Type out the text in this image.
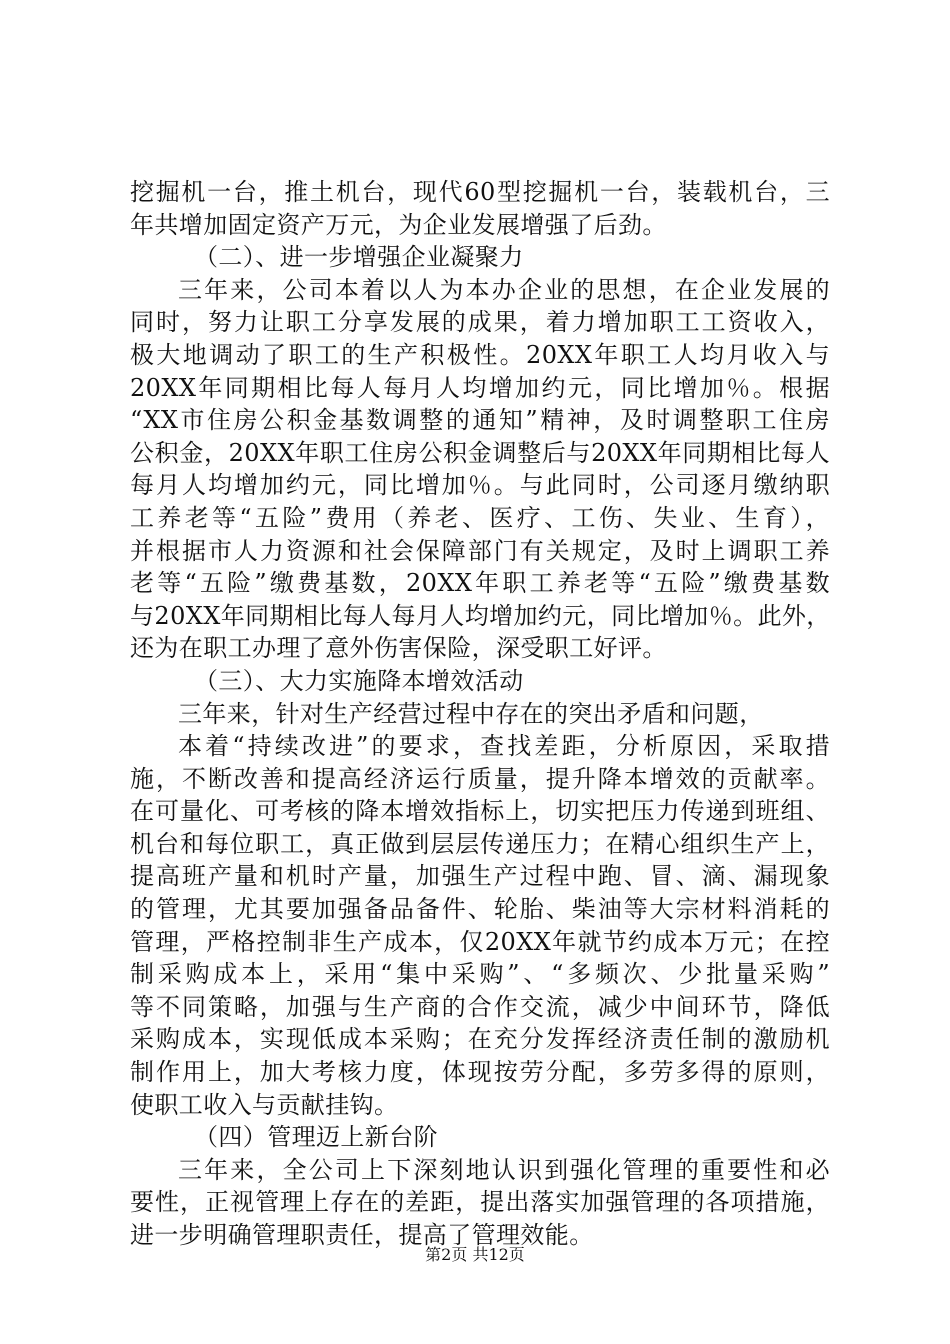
挖掘机一台，推土机台，现代60型挖掘机一台，装载机台，三
年共增加固定资产万元，为企业发展增强了后劲。
（二）、进一步增强企业凝聚力
三年来，公司本着以人为本办企业的思想，在企业发展的
同时，努力让职工分享发展的成果，着力增加职工工资收入，
极大地调动了职工的生产积极性。20XX年职工人均月收入与
20XX年同期相比每人每月人均增加约元，同比增加％。根据
“XX市住房公积金基数调整的通知”精神，及时调整职工住房
公积金，20XX年职工住房公积金调整后与20XX年同期相比每人
每月人均增加约元，同比增加％。与此同时，公司逐月缴纳职
工养老等“五险”费用（养老、医疗、工伤、失业、生育），
并根据市人力资源和社会保障部门有关规定，及时上调职工养
老等“五险”缴费基数，20XX年职工养老等“五险”缴费基数
与20XX年同期相比每人每月人均增加约元，同比增加％。此外，
还为在职工办理了意外伤害保险，深受职工好评。
（三）、大力实施降本增效活动
三年来，针对生产经营过程中存在的突出矛盾和问题，
本着“持续改进”的要求，查找差距，分析原因，采取措
施，不断改善和提高经济运行质量，提升降本增效的贡献率。
在可量化、可考核的降本增效指标上，切实把压力传递到班组、
机台和每位职工，真正做到层层传递压力；在精心组织生产上，
提高班产量和机时产量，加强生产过程中跑、冒、滴、漏现象
的管理，尤其要加强备品备件、轮胎、柴油等大宗材料消耗的
管理，严格控制非生产成本，仅20XX年就节约成本万元；在控
制采购成本上，采用“集中采购”、“多频次、少批量采购”
等不同策略，加强与生产商的合作交流，减少中间环节，降低
采购成本，实现低成本采购；在充分发挥经济责任制的激励机
制作用上，加大考核力度，体现按劳分配，多劳多得的原则，
使职工收入与贡献挂钩。
（四）管理迈上新台阶
三年来，全公司上下深刻地认识到强化管理的重要性和必
要性，正视管理上存在的差距，提出落实加强管理的各项措施，
进一步明确管理职责任，提高了管理效能。
第2页 共12页
